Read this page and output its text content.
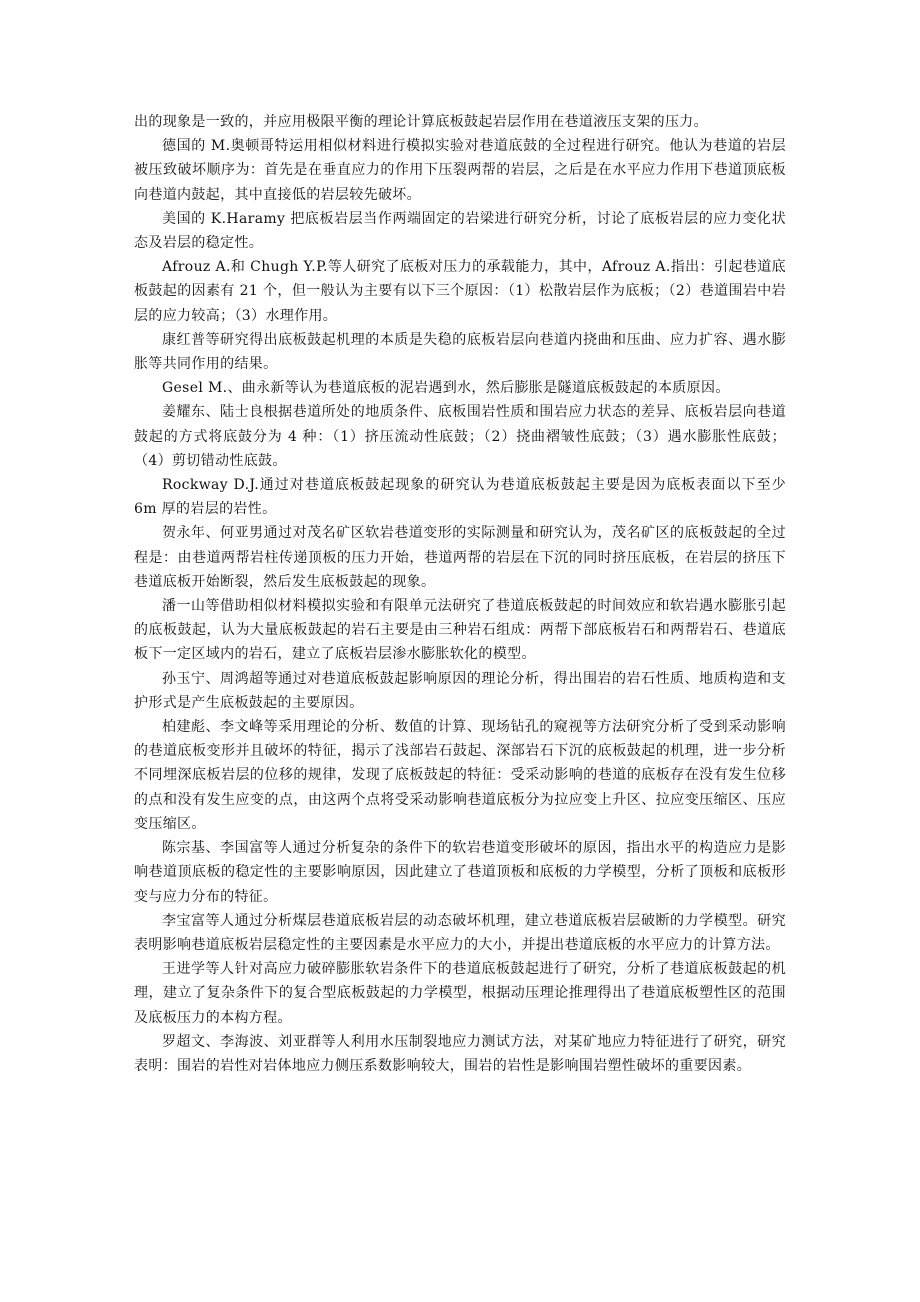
出的现象是一致的，并应用极限平衡的理论计算底板鼓起岩层作用在巷道液压支架的压力。

德国的 M.奥顿哥特运用相似材料进行模拟实验对巷道底鼓的全过程进行研究。他认为巷道的岩层被压致破坏顺序为：首先是在垂直应力的作用下压裂两帮的岩层，之后是在水平应力作用下巷道顶底板向巷道内鼓起，其中直接低的岩层较先破坏。

美国的 K.Haramy 把底板岩层当作两端固定的岩梁进行研究分析，讨论了底板岩层的应力变化状态及岩层的稳定性。

Afrouz A.和 Chugh Y.P.等人研究了底板对压力的承载能力，其中，Afrouz A.指出：引起巷道底板鼓起的因素有 21 个，但一般认为主要有以下三个原因：（1）松散岩层作为底板；（2）巷道围岩中岩层的应力较高；（3）水理作用。

康红普等研究得出底板鼓起机理的本质是失稳的底板岩层向巷道内挠曲和压曲、应力扩容、遇水膨胀等共同作用的结果。

Gesel M.、曲永新等认为巷道底板的泥岩遇到水，然后膨胀是隧道底板鼓起的本质原因。

姜耀东、陆士良根据巷道所处的地质条件、底板围岩性质和围岩应力状态的差异、底板岩层向巷道鼓起的方式将底鼓分为 4 种：（1）挤压流动性底鼓；（2）挠曲褶皱性底鼓；（3）遇水膨胀性底鼓；（4）剪切错动性底鼓。

Rockway D.J.通过对巷道底板鼓起现象的研究认为巷道底板鼓起主要是因为底板表面以下至少 6m 厚的岩层的岩性。

贺永年、何亚男通过对茂名矿区软岩巷道变形的实际测量和研究认为，茂名矿区的底板鼓起的全过程是：由巷道两帮岩柱传递顶板的压力开始，巷道两帮的岩层在下沉的同时挤压底板，在岩层的挤压下巷道底板开始断裂，然后发生底板鼓起的现象。

潘一山等借助相似材料模拟实验和有限单元法研究了巷道底板鼓起的时间效应和软岩遇水膨胀引起的底板鼓起，认为大量底板鼓起的岩石主要是由三种岩石组成：两帮下部底板岩石和两帮岩石、巷道底板下一定区域内的岩石，建立了底板岩层渗水膨胀软化的模型。

孙玉宁、周鸿超等通过对巷道底板鼓起影响原因的理论分析，得出围岩的岩石性质、地质构造和支护形式是产生底板鼓起的主要原因。

柏建彪、李文峰等采用理论的分析、数值的计算、现场钻孔的窥视等方法研究分析了受到采动影响的巷道底板变形并且破坏的特征，揭示了浅部岩石鼓起、深部岩石下沉的底板鼓起的机理，进一步分析不同埋深底板岩层的位移的规律，发现了底板鼓起的特征：受采动影响的巷道的底板存在没有发生位移的点和没有发生应变的点，由这两个点将受采动影响巷道底板分为拉应变上升区、拉应变压缩区、压应变压缩区。

陈宗基、李国富等人通过分析复杂的条件下的软岩巷道变形破坏的原因，指出水平的构造应力是影响巷道顶底板的稳定性的主要影响原因，因此建立了巷道顶板和底板的力学模型，分析了顶板和底板形变与应力分布的特征。

李宝富等人通过分析煤层巷道底板岩层的动态破坏机理，建立巷道底板岩层破断的力学模型。研究表明影响巷道底板岩层稳定性的主要因素是水平应力的大小，并提出巷道底板的水平应力的计算方法。

王进学等人针对高应力破碎膨胀软岩条件下的巷道底板鼓起进行了研究，分析了巷道底板鼓起的机理，建立了复杂条件下的复合型底板鼓起的力学模型，根据动压理论推理得出了巷道底板塑性区的范围及底板压力的本构方程。

罗超文、李海波、刘亚群等人利用水压制裂地应力测试方法，对某矿地应力特征进行了研究，研究表明：围岩的岩性对岩体地应力侧压系数影响较大，围岩的岩性是影响围岩塑性破坏的重要因素。
